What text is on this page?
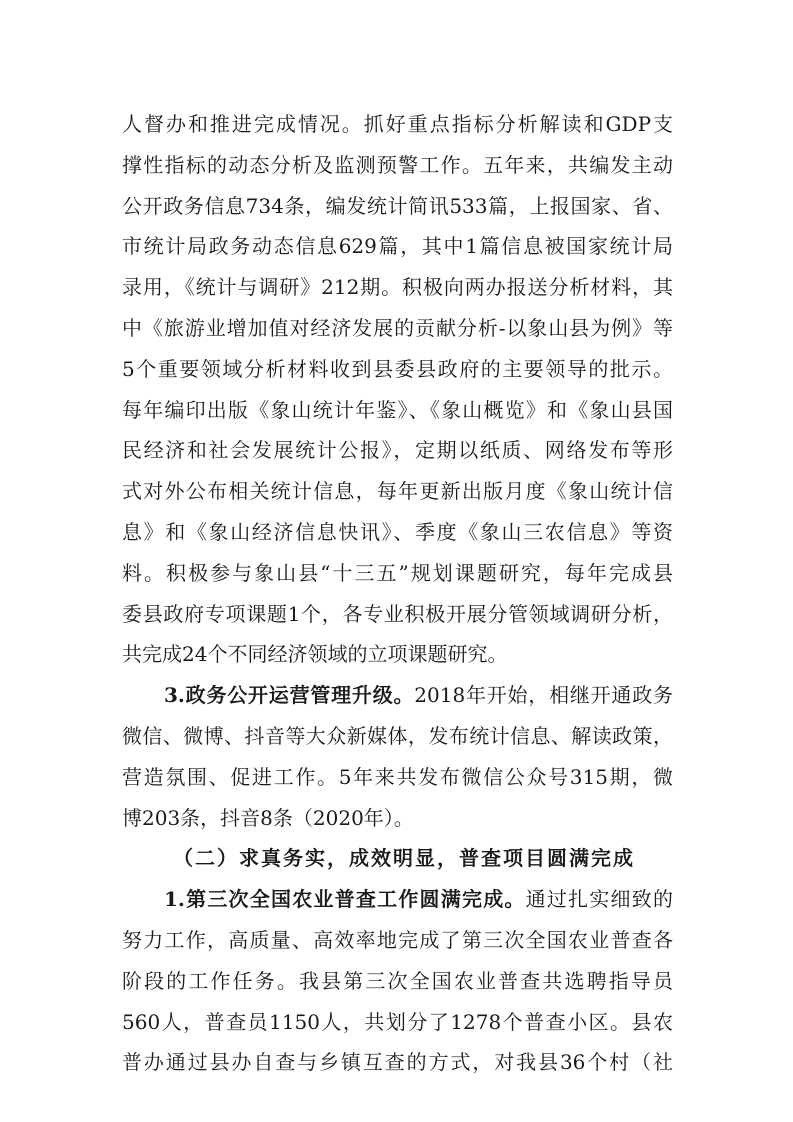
人督办和推进完成情况。抓好重点指标分析解读和GDP支
撑性指标的动态分析及监测预警工作。五年来，共编发主动
公开政务信息734条，编发统计简讯533篇，上报国家、省、
市统计局政务动态信息629篇，其中1篇信息被国家统计局
录用，《统计与调研》212期。积极向两办报送分析材料，其
中《旅游业增加值对经济发展的贡献分析-以象山县为例》等
5个重要领域分析材料收到县委县政府的主要领导的批示。
每年编印出版《象山统计年鉴》、《象山概览》和《象山县国
民经济和社会发展统计公报》，定期以纸质、网络发布等形
式对外公布相关统计信息，每年更新出版月度《象山统计信
息》和《象山经济信息快讯》、季度《象山三农信息》等资
料。积极参与象山县“十三五”规划课题研究，每年完成县
委县政府专项课题1个，各专业积极开展分管领域调研分析，
共完成24个不同经济领域的立项课题研究。
3.政务公开运营管理升级。2018年开始，相继开通政务
微信、微博、抖音等大众新媒体，发布统计信息、解读政策，
营造氛围、促进工作。5年来共发布微信公众号315期，微
博203条，抖音8条（2020年）。
（二）求真务实，成效明显，普查项目圆满完成
1.第三次全国农业普查工作圆满完成。通过扎实细致的
努力工作，高质量、高效率地完成了第三次全国农业普查各
阶段的工作任务。我县第三次全国农业普查共选聘指导员
560人，普查员1150人，共划分了1278个普查小区。县农
普办通过县办自查与乡镇互查的方式，对我县36个村（社
